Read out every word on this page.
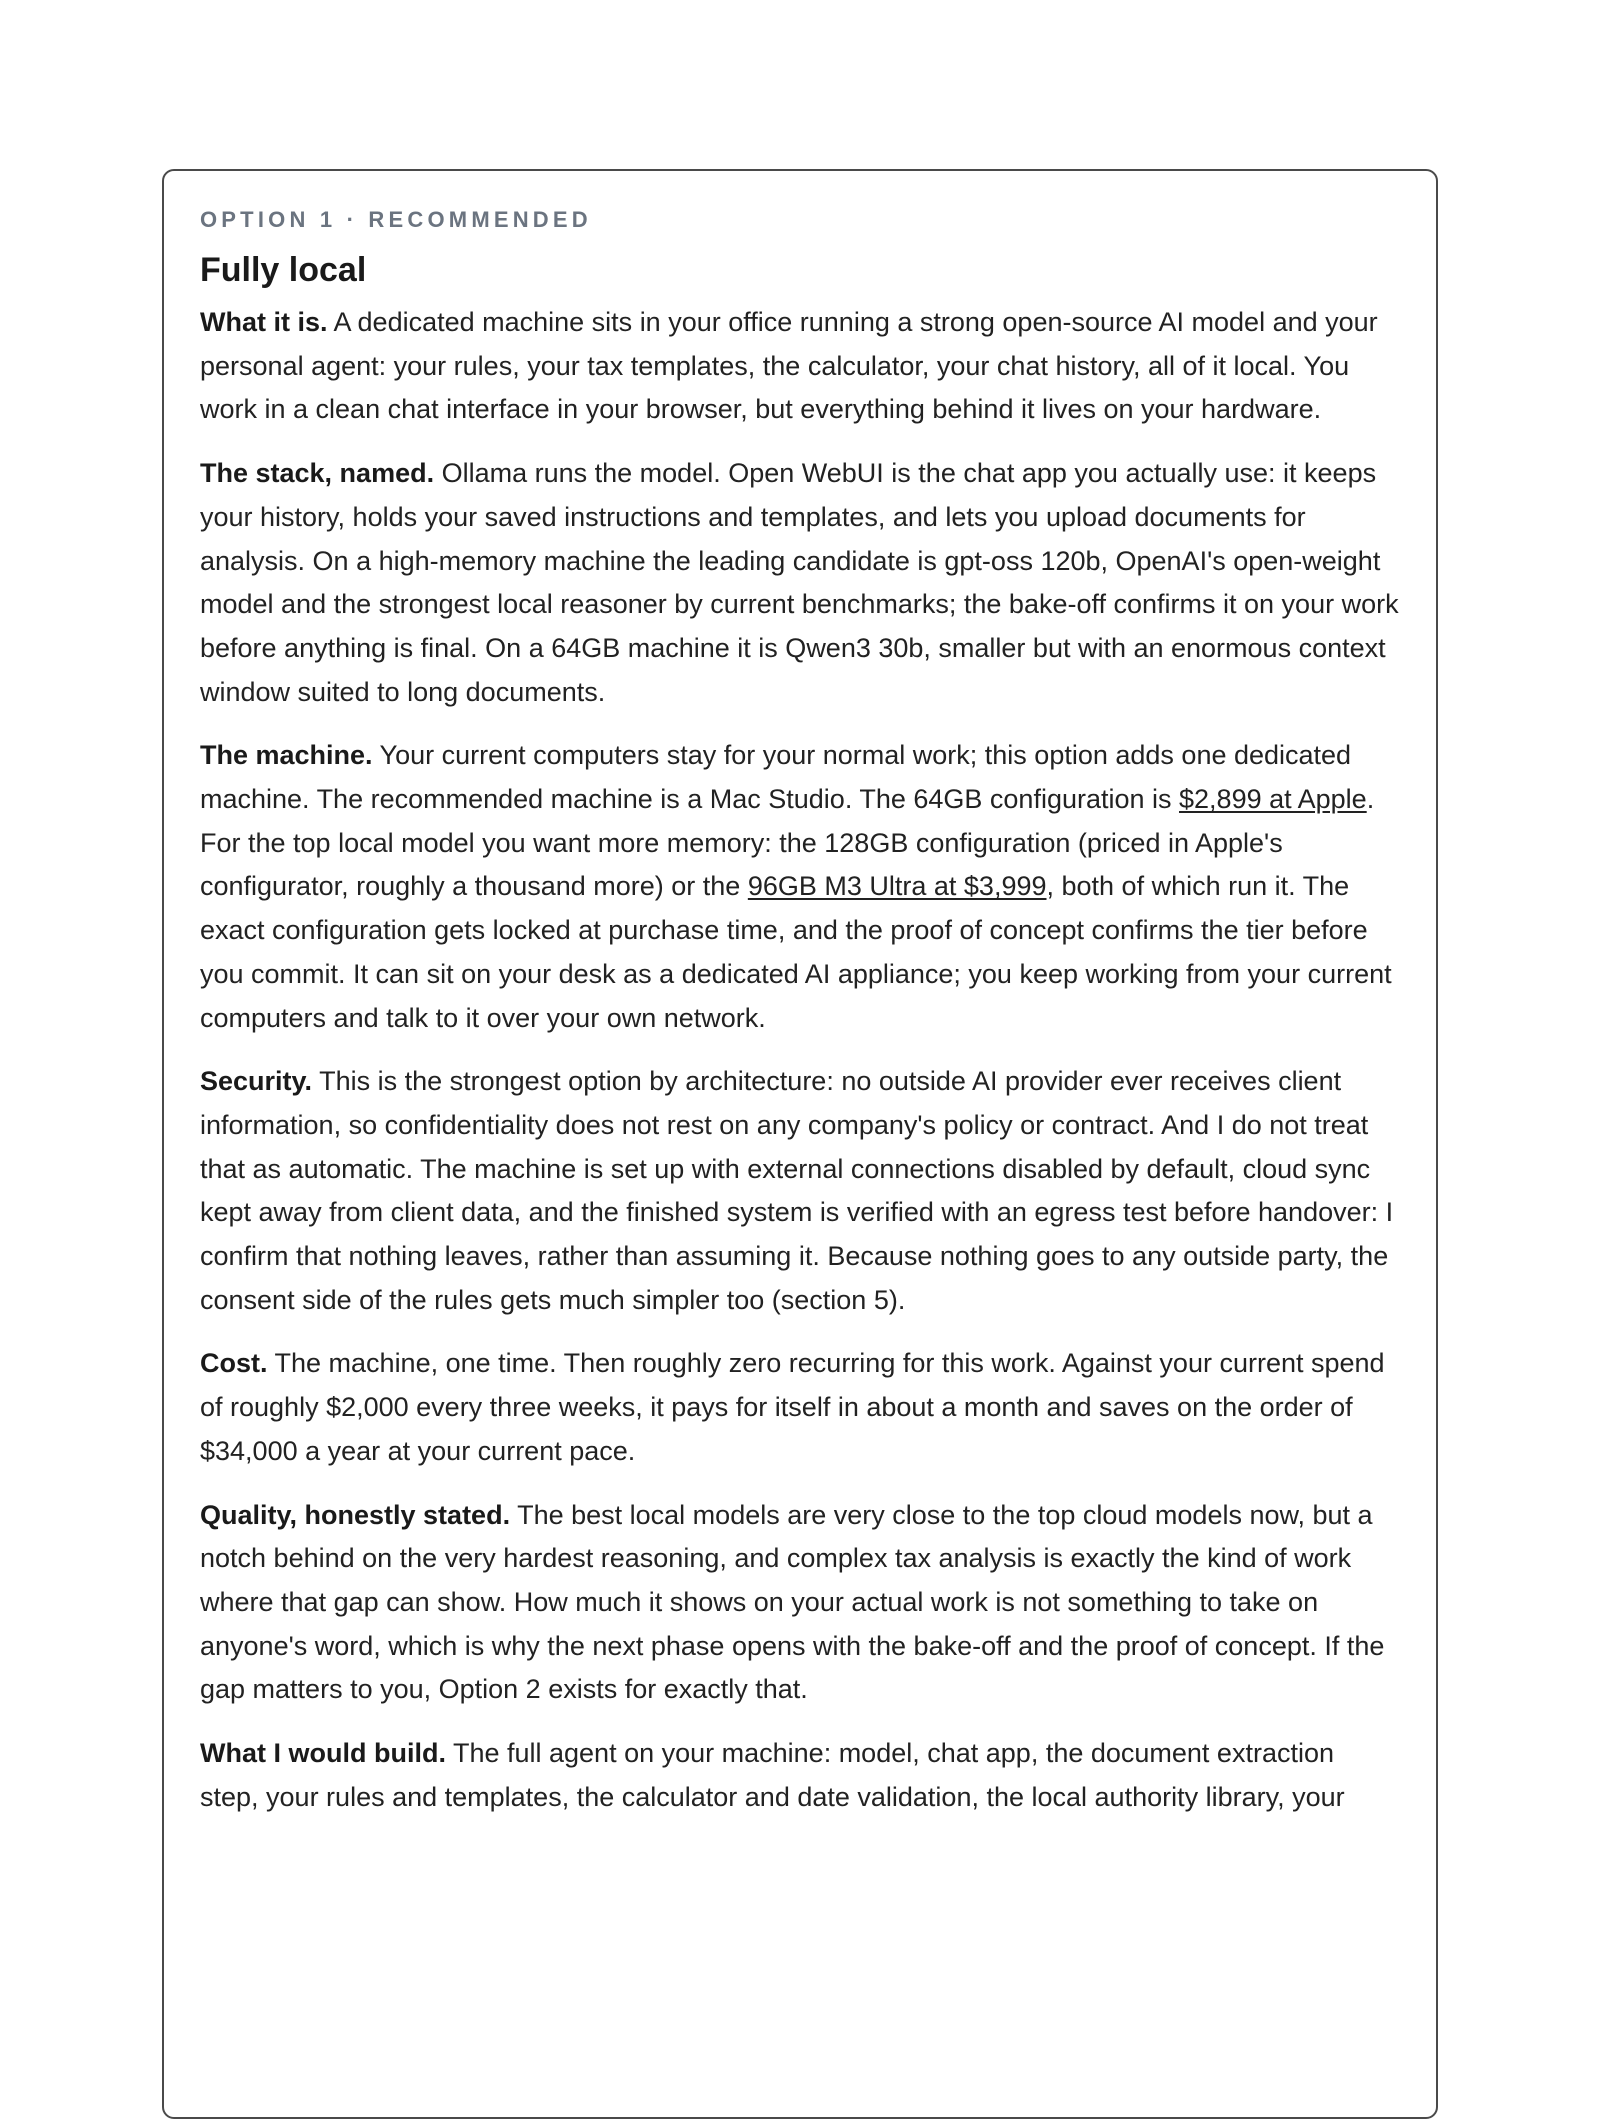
OPTION 1 · RECOMMENDED

Fully local

What it is. A dedicated machine sits in your office running a strong open-source AI model and your personal agent: your rules, your tax templates, the calculator, your chat history, all of it local. You work in a clean chat interface in your browser, but everything behind it lives on your hardware.

The stack, named. Ollama runs the model. Open WebUI is the chat app you actually use: it keeps your history, holds your saved instructions and templates, and lets you upload documents for analysis. On a high-memory machine the leading candidate is gpt-oss 120b, OpenAI's open-weight model and the strongest local reasoner by current benchmarks; the bake-off confirms it on your work before anything is final. On a 64GB machine it is Qwen3 30b, smaller but with an enormous context window suited to long documents.

The machine. Your current computers stay for your normal work; this option adds one dedicated machine. The recommended machine is a Mac Studio. The 64GB configuration is $2,899 at Apple. For the top local model you want more memory: the 128GB configuration (priced in Apple's configurator, roughly a thousand more) or the 96GB M3 Ultra at $3,999, both of which run it. The exact configuration gets locked at purchase time, and the proof of concept confirms the tier before you commit. It can sit on your desk as a dedicated AI appliance; you keep working from your current computers and talk to it over your own network.

Security. This is the strongest option by architecture: no outside AI provider ever receives client information, so confidentiality does not rest on any company's policy or contract. And I do not treat that as automatic. The machine is set up with external connections disabled by default, cloud sync kept away from client data, and the finished system is verified with an egress test before handover: I confirm that nothing leaves, rather than assuming it. Because nothing goes to any outside party, the consent side of the rules gets much simpler too (section 5).

Cost. The machine, one time. Then roughly zero recurring for this work. Against your current spend of roughly $2,000 every three weeks, it pays for itself in about a month and saves on the order of $34,000 a year at your current pace.

Quality, honestly stated. The best local models are very close to the top cloud models now, but a notch behind on the very hardest reasoning, and complex tax analysis is exactly the kind of work where that gap can show. How much it shows on your actual work is not something to take on anyone's word, which is why the next phase opens with the bake-off and the proof of concept. If the gap matters to you, Option 2 exists for exactly that.

What I would build. The full agent on your machine: model, chat app, the document extraction step, your rules and templates, the calculator and date validation, the local authority library, your
